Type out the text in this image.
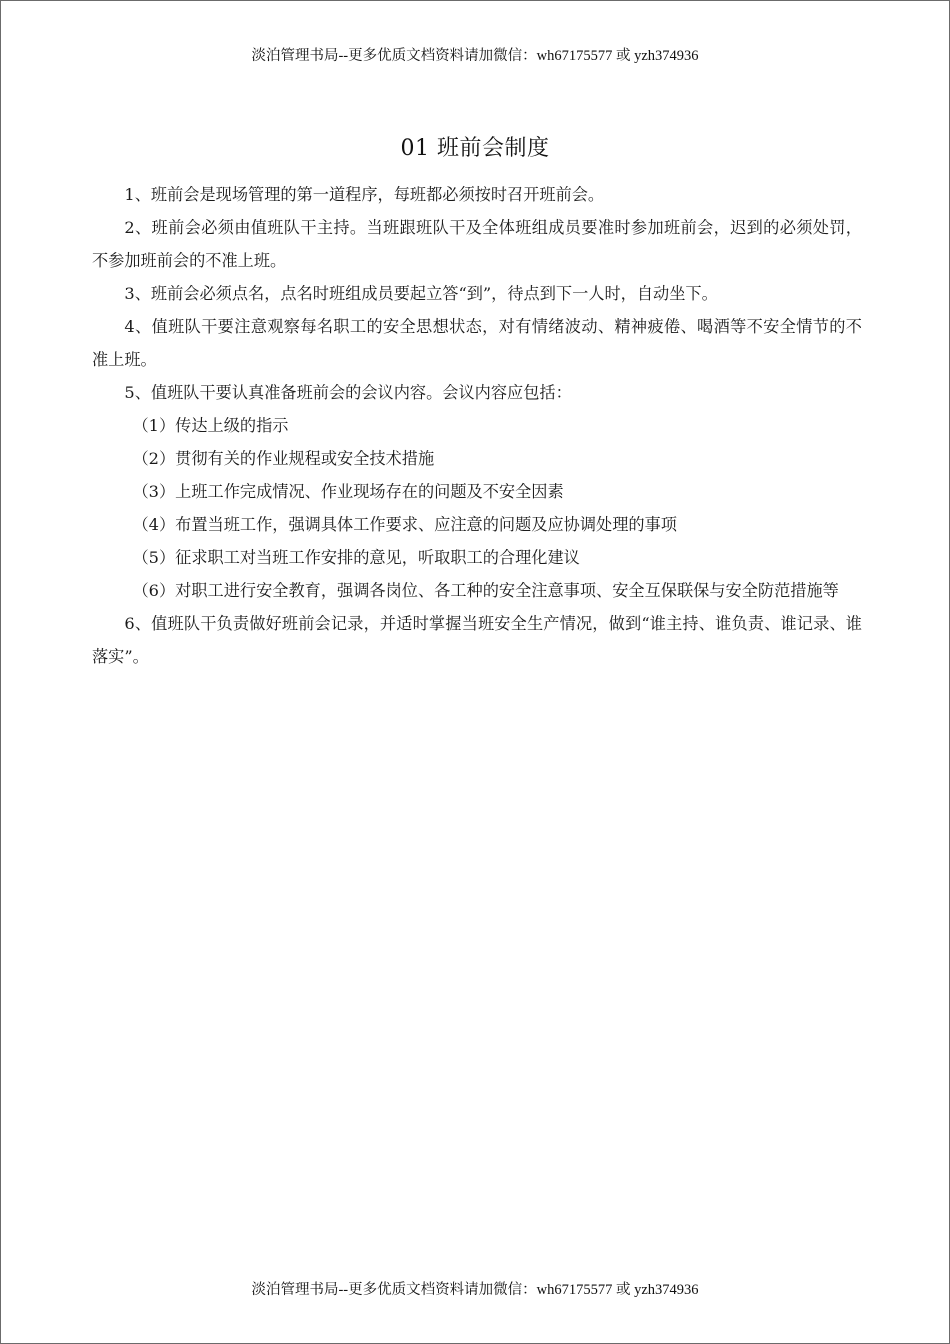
淡泊管理书局--更多优质文档资料请加微信：wh67175577 或 yzh374936
01 班前会制度

1、班前会是现场管理的第一道程序，每班都必须按时召开班前会。

2、班前会必须由值班队干主持。当班跟班队干及全体班组成员要准时参加班前会，迟到的必须处罚，不参加班前会的不准上班。

3、班前会必须点名，点名时班组成员要起立答“到”，待点到下一人时，自动坐下。

4、值班队干要注意观察每名职工的安全思想状态，对有情绪波动、精神疲倦、喝酒等不安全情节的不准上班。

5、值班队干要认真准备班前会的会议内容。会议内容应包括：

（1）传达上级的指示

（2）贯彻有关的作业规程或安全技术措施

（3）上班工作完成情况、作业现场存在的问题及不安全因素

（4）布置当班工作，强调具体工作要求、应注意的问题及应协调处理的事项

（5）征求职工对当班工作安排的意见，听取职工的合理化建议

（6）对职工进行安全教育，强调各岗位、各工种的安全注意事项、安全互保联保与安全防范措施等

6、值班队干负责做好班前会记录，并适时掌握当班安全生产情况，做到“谁主持、谁负责、谁记录、谁落实”。

淡泊管理书局--更多优质文档资料请加微信：wh67175577 或 yzh374936
